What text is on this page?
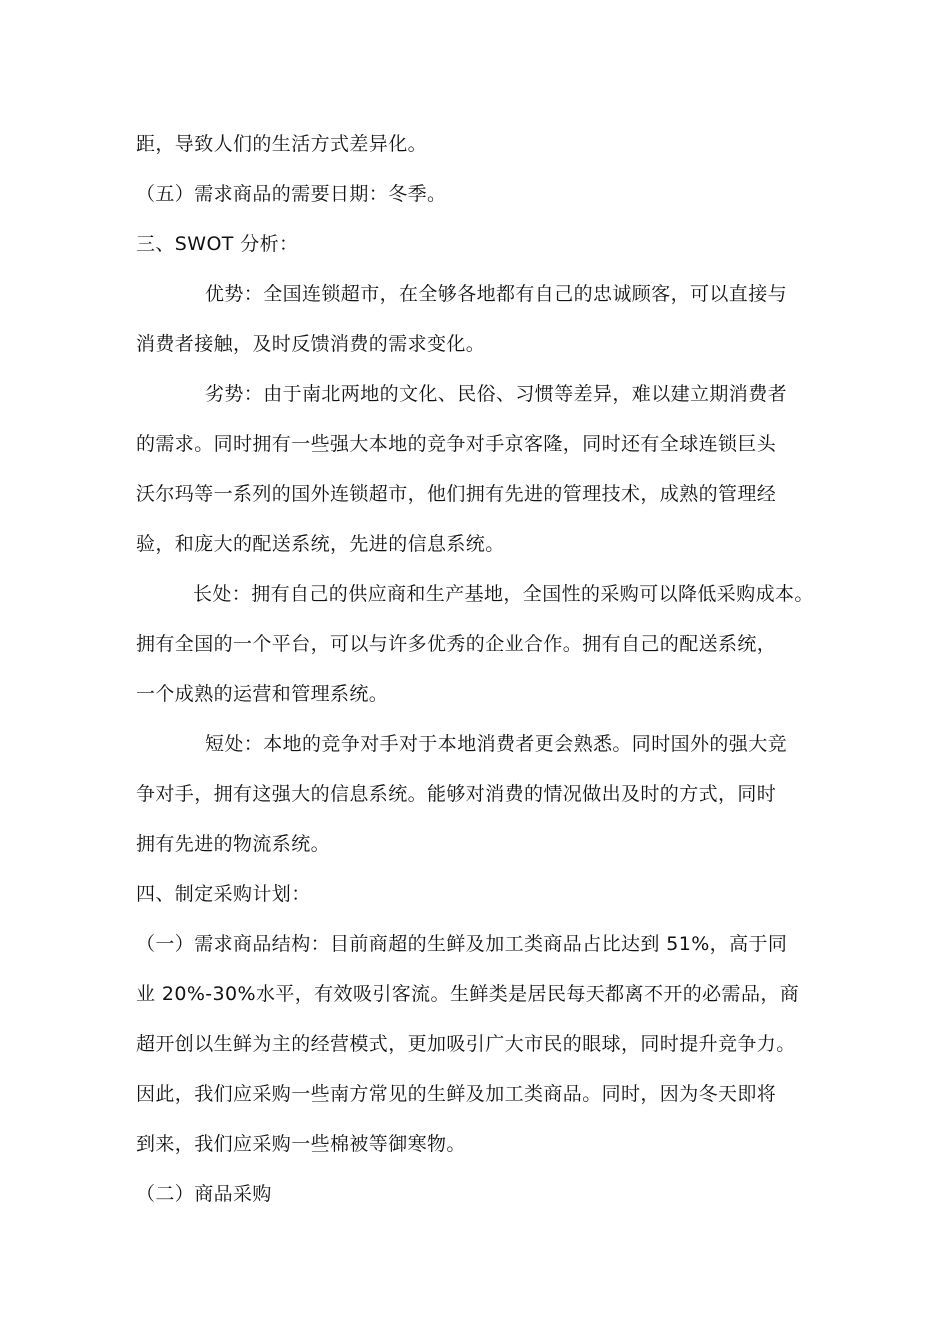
距，导致人们的生活方式差异化。
（五）需求商品的需要日期：冬季。
三、SWOT 分析：
优势：全国连锁超市，在全够各地都有自己的忠诚顾客，可以直接与
消费者接触，及时反馈消费的需求变化。
劣势：由于南北两地的文化、民俗、习惯等差异，难以建立期消费者
的需求。同时拥有一些强大本地的竞争对手京客隆，同时还有全球连锁巨头
沃尔玛等一系列的国外连锁超市，他们拥有先进的管理技术，成熟的管理经
验，和庞大的配送系统，先进的信息系统。
长处：拥有自己的供应商和生产基地，全国性的采购可以降低采购成本。
拥有全国的一个平台，可以与许多优秀的企业合作。拥有自己的配送系统，
一个成熟的运营和管理系统。
短处：本地的竞争对手对于本地消费者更会熟悉。同时国外的强大竞
争对手，拥有这强大的信息系统。能够对消费的情况做出及时的方式，同时
拥有先进的物流系统。
四、制定采购计划：
（一）需求商品结构：目前商超的生鲜及加工类商品占比达到 51%，高于同
业 20%-30%水平，有效吸引客流。生鲜类是居民每天都离不开的必需品，商
超开创以生鲜为主的经营模式，更加吸引广大市民的眼球，同时提升竞争力。
因此，我们应采购一些南方常见的生鲜及加工类商品。同时，因为冬天即将
到来，我们应采购一些棉被等御寒物。
（二）商品采购
